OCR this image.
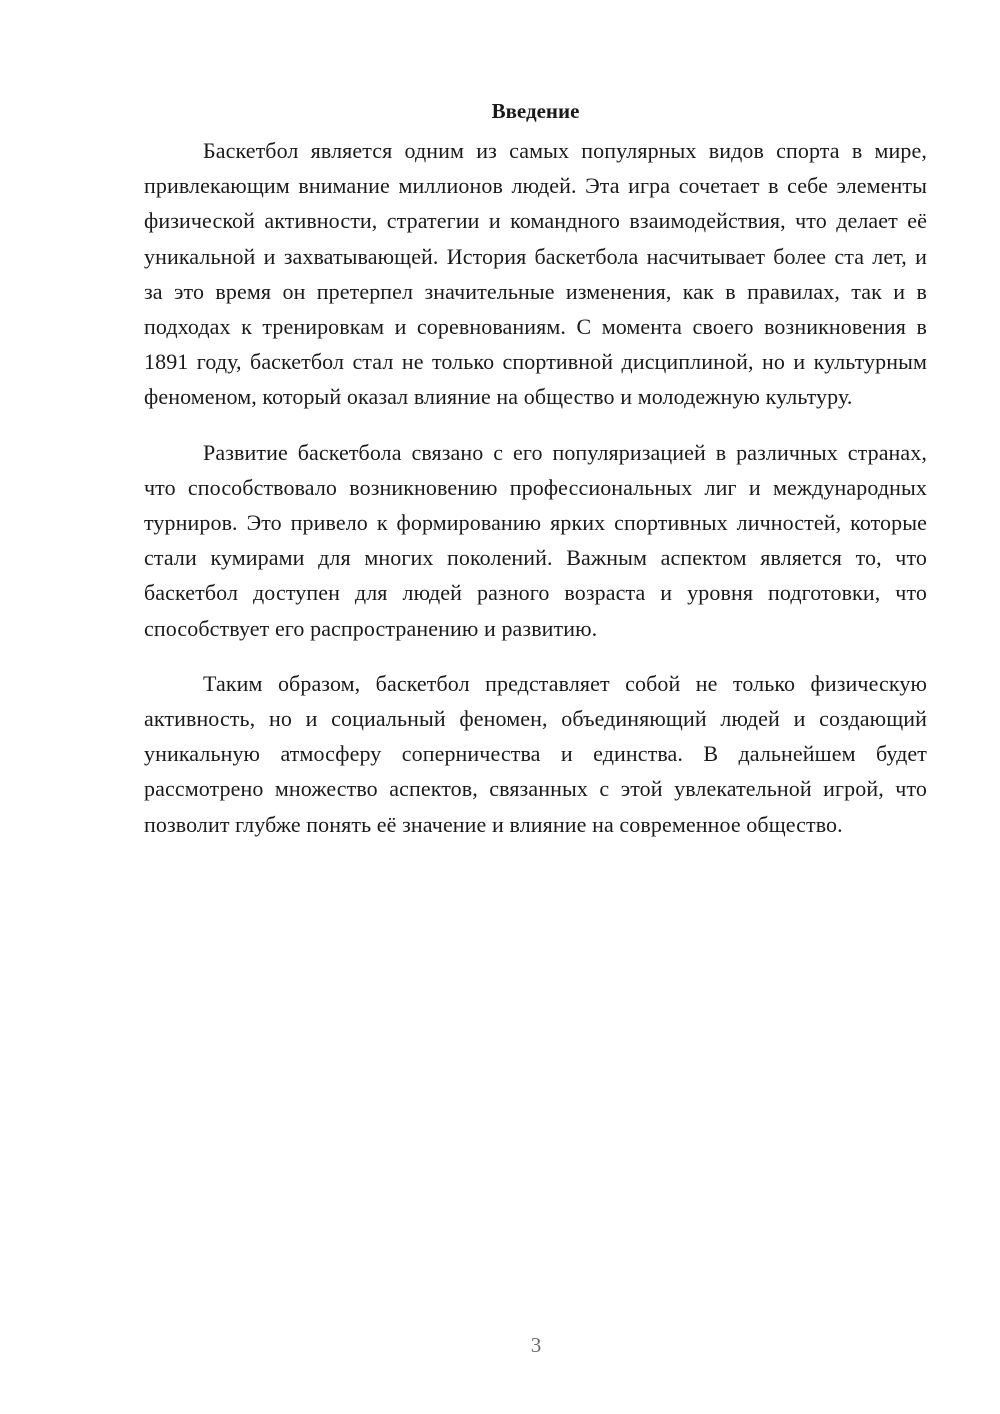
Введение

Баскетбол является одним из самых популярных видов спорта в мире, привлекающим внимание миллионов людей. Эта игра сочетает в себе элементы физической активности, стратегии и командного взаимодействия, что делает её уникальной и захватывающей. История баскетбола насчитывает более ста лет, и за это время он претерпел значительные изменения, как в правилах, так и в подходах к тренировкам и соревнованиям. С момента своего возникновения в 1891 году, баскетбол стал не только спортивной дисциплиной, но и культурным феноменом, который оказал влияние на общество и молодежную культуру.

Развитие баскетбола связано с его популяризацией в различных странах, что способствовало возникновению профессиональных лиг и международных турниров. Это привело к формированию ярких спортивных личностей, которые стали кумирами для многих поколений. Важным аспектом является то, что баскетбол доступен для людей разного возраста и уровня подготовки, что способствует его распространению и развитию.

Таким образом, баскетбол представляет собой не только физическую активность, но и социальный феномен, объединяющий людей и создающий уникальную атмосферу соперничества и единства. В дальнейшем будет рассмотрено множество аспектов, связанных с этой увлекательной игрой, что позволит глубже понять её значение и влияние на современное общество.

3
